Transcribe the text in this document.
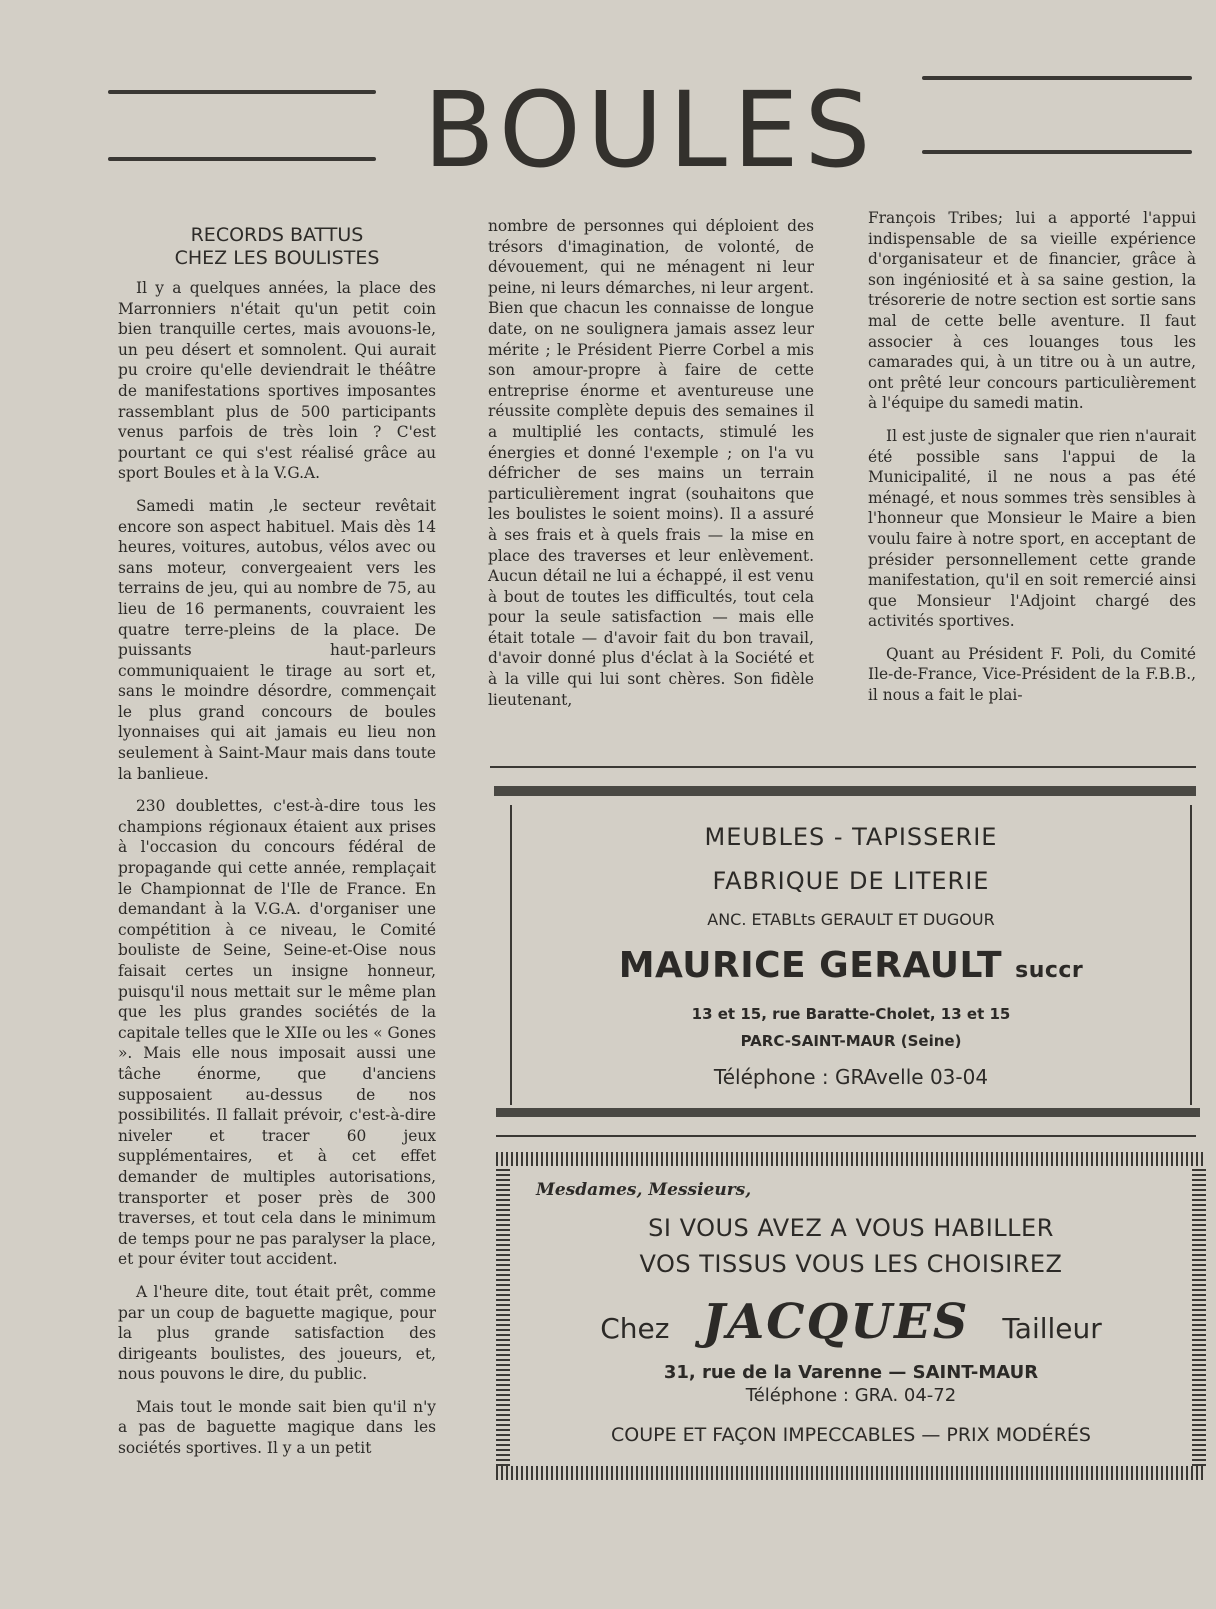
BOULES
RECORDS BATTUS
CHEZ LES BOULISTES

Il y a quelques années, la place des Marronniers n'était qu'un petit coin bien tranquille certes, mais avouons-le, un peu désert et somnolent. Qui aurait pu croire qu'elle deviendrait le théâtre de manifestations sportives imposantes rassemblant plus de 500 participants venus parfois de très loin ? C'est pourtant ce qui s'est réalisé grâce au sport Boules et à la V.G.A.

Samedi matin ,le secteur revêtait encore son aspect habituel. Mais dès 14 heures, voitures, autobus, vélos avec ou sans moteur, convergeaient vers les terrains de jeu, qui au nombre de 75, au lieu de 16 permanents, couvraient les quatre terre-pleins de la place. De puissants haut-parleurs communiquaient le tirage au sort et, sans le moindre désordre, commençait le plus grand concours de boules lyonnaises qui ait jamais eu lieu non seulement à Saint-Maur mais dans toute la banlieue.

230 doublettes, c'est-à-dire tous les champions régionaux étaient aux prises à l'occasion du concours fédéral de propagande qui cette année, remplaçait le Championnat de l'Ile de France. En demandant à la V.G.A. d'organiser une compétition à ce niveau, le Comité bouliste de Seine, Seine-et-Oise nous faisait certes un insigne honneur, puisqu'il nous mettait sur le même plan que les plus grandes sociétés de la capitale telles que le XIIe ou les « Gones ». Mais elle nous imposait aussi une tâche énorme, que d'anciens supposaient au-dessus de nos possibilités. Il fallait prévoir, c'est-à-dire niveler et tracer 60 jeux supplémentaires, et à cet effet demander de multiples autorisations, transporter et poser près de 300 traverses, et tout cela dans le minimum de temps pour ne pas paralyser la place, et pour éviter tout accident.

A l'heure dite, tout était prêt, comme par un coup de baguette magique, pour la plus grande satisfaction des dirigeants boulistes, des joueurs, et, nous pouvons le dire, du public.

Mais tout le monde sait bien qu'il n'y a pas de baguette magique dans les sociétés sportives. Il y a un petit

nombre de personnes qui déploient des trésors d'imagination, de volonté, de dévouement, qui ne ménagent ni leur peine, ni leurs démarches, ni leur argent. Bien que chacun les connaisse de longue date, on ne soulignera jamais assez leur mérite ; le Président Pierre Corbel a mis son amour-propre à faire de cette entreprise énorme et aventureuse une réussite complète depuis des semaines il a multiplié les contacts, stimulé les énergies et donné l'exemple ; on l'a vu défricher de ses mains un terrain particulièrement ingrat (souhaitons que les boulistes le soient moins). Il a assuré à ses frais et à quels frais — la mise en place des traverses et leur enlèvement. Aucun détail ne lui a échappé, il est venu à bout de toutes les difficultés, tout cela pour la seule satisfaction — mais elle était totale — d'avoir fait du bon travail, d'avoir donné plus d'éclat à la Société et à la ville qui lui sont chères. Son fidèle lieutenant,

François Tribes; lui a apporté l'appui indispensable de sa vieille expérience d'organisateur et de financier, grâce à son ingéniosité et à sa saine gestion, la trésorerie de notre section est sortie sans mal de cette belle aventure. Il faut associer à ces louanges tous les camarades qui, à un titre ou à un autre, ont prêté leur concours particulièrement à l'équipe du samedi matin.

Il est juste de signaler que rien n'aurait été possible sans l'appui de la Municipalité, il ne nous a pas été ménagé, et nous sommes très sensibles à l'honneur que Monsieur le Maire a bien voulu faire à notre sport, en acceptant de présider personnellement cette grande manifestation, qu'il en soit remercié ainsi que Monsieur l'Adjoint chargé des activités sportives.

Quant au Président F. Poli, du Comité Ile-de-France, Vice-Président de la F.B.B., il nous a fait le plai-

MEUBLES - TAPISSERIE
FABRIQUE DE LITERIE
ANC. ETABLts GERAULT ET DUGOUR
MAURICE GERAULT succr
13 et 15, rue Baratte-Cholet, 13 et 15
PARC-SAINT-MAUR (Seine)
Téléphone : GRAvelle 03-04
Mesdames, Messieurs,
SI VOUS AVEZ A VOUS HABILLER
VOS TISSUS VOUS LES CHOISIREZ
Chez JACQUES Tailleur
31, rue de la Varenne — SAINT-MAUR
Téléphone : GRA. 04-72
COUPE ET FAÇON IMPECCABLES — PRIX MODÉRÉS
